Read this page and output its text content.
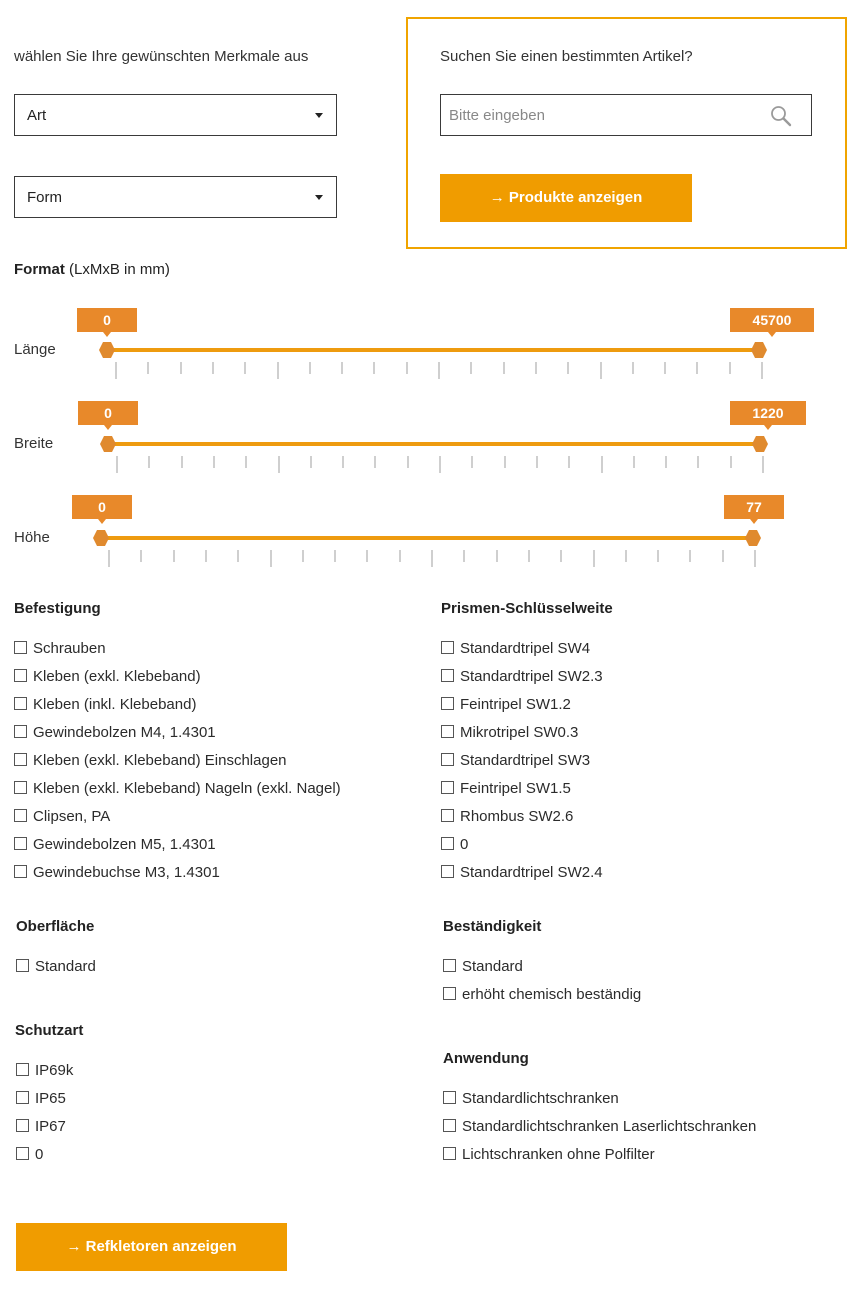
wählen Sie Ihre gewünschten Merkmale aus
Art
Form
Suchen Sie einen bestimmten Artikel?
Bitte eingeben
→ Produkte anzeigen
Format (LxMxB in mm)
Länge
0	45700
Breite
0	1220
Höhe
0	77
Befestigung	Prismen-Schlüsselweite
Oberfläche	Beständigkeit
Schutzart
Anwendung
→ Refkletoren anzeigen
Schrauben
Kleben (exkl. Klebeband)
Kleben (inkl. Klebeband)
Gewindebolzen M4, 1.4301
Kleben (exkl. Klebeband) Einschlagen
Kleben (exkl. Klebeband) Nageln (exkl. Nagel)
Clipsen, PA
Gewindebolzen M5, 1.4301
Gewindebuchse M3, 1.4301
Standardtripel SW4
Standardtripel SW2.3
Feintripel SW1.2
Mikrotripel SW0.3
Standardtripel SW3
Feintripel SW1.5
Rhombus SW2.6
0
Standardtripel SW2.4
Standard	Standard
erhöht chemisch beständig
IP69k
IP65
IP67
0
Standardlichtschranken
Standardlichtschranken Laserlichtschranken
Lichtschranken ohne Polfilter
